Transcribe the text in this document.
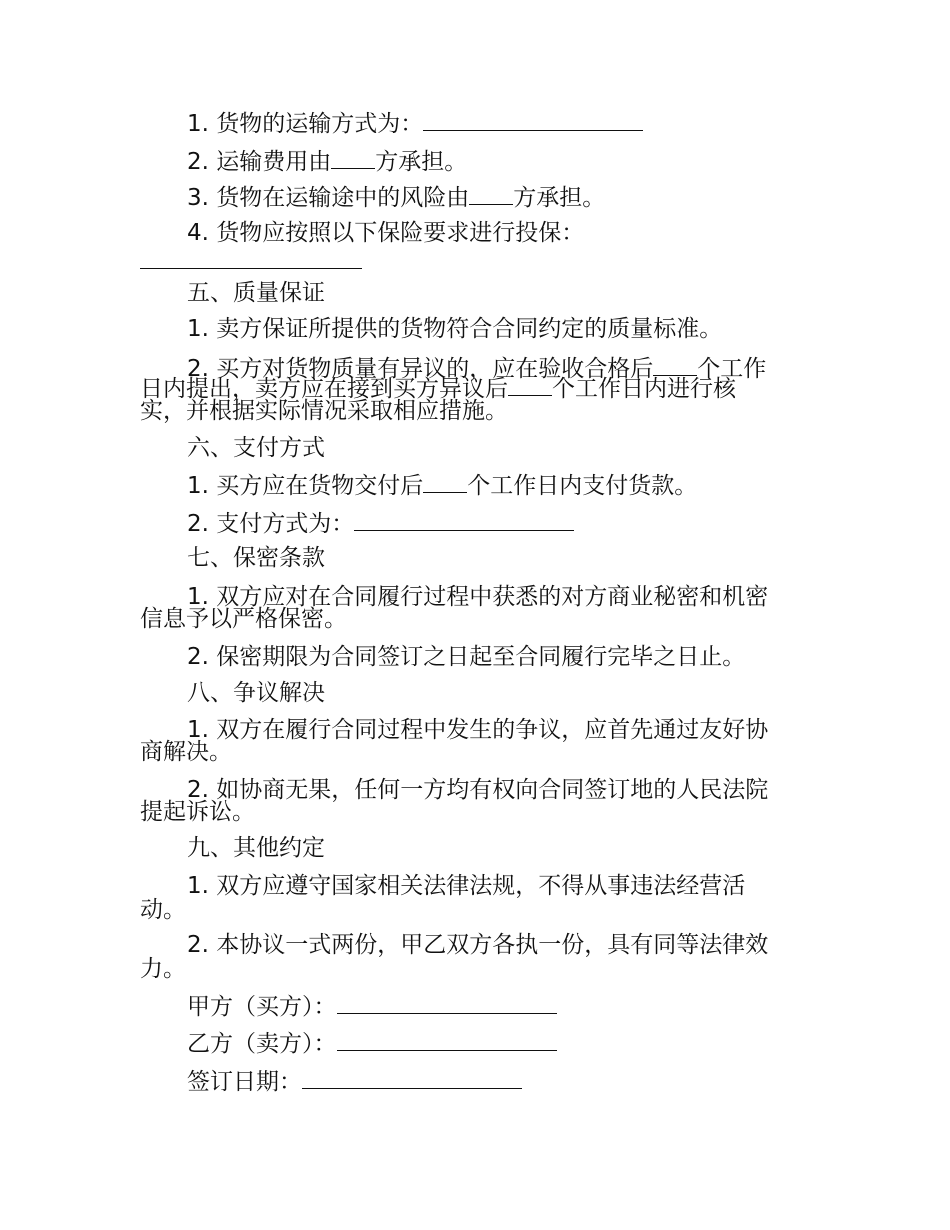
1. 货物的运输方式为：
2. 运输费用由 方承担。
3. 货物在运输途中的风险由 方承担。
4. 货物应按照以下保险要求进行投保：
五、质量保证
1. 卖方保证所提供的货物符合合同约定的质量标准。
2. 买方对货物质量有异议的，应在验收合格后 个工作
日内提出，卖方应在接到买方异议后 个工作日内进行核
实，并根据实际情况采取相应措施。
六、支付方式
1. 买方应在货物交付后 个工作日内支付货款。
2. 支付方式为：
七、保密条款
1. 双方应对在合同履行过程中获悉的对方商业秘密和机密
信息予以严格保密。
2. 保密期限为合同签订之日起至合同履行完毕之日止。
八、争议解决
1. 双方在履行合同过程中发生的争议，应首先通过友好协
商解决。
2. 如协商无果，任何一方均有权向合同签订地的人民法院
提起诉讼。
九、其他约定
1. 双方应遵守国家相关法律法规，不得从事违法经营活
动。
2. 本协议一式两份，甲乙双方各执一份，具有同等法律效
力。
甲方（买方）：
乙方（卖方）：
签订日期：
